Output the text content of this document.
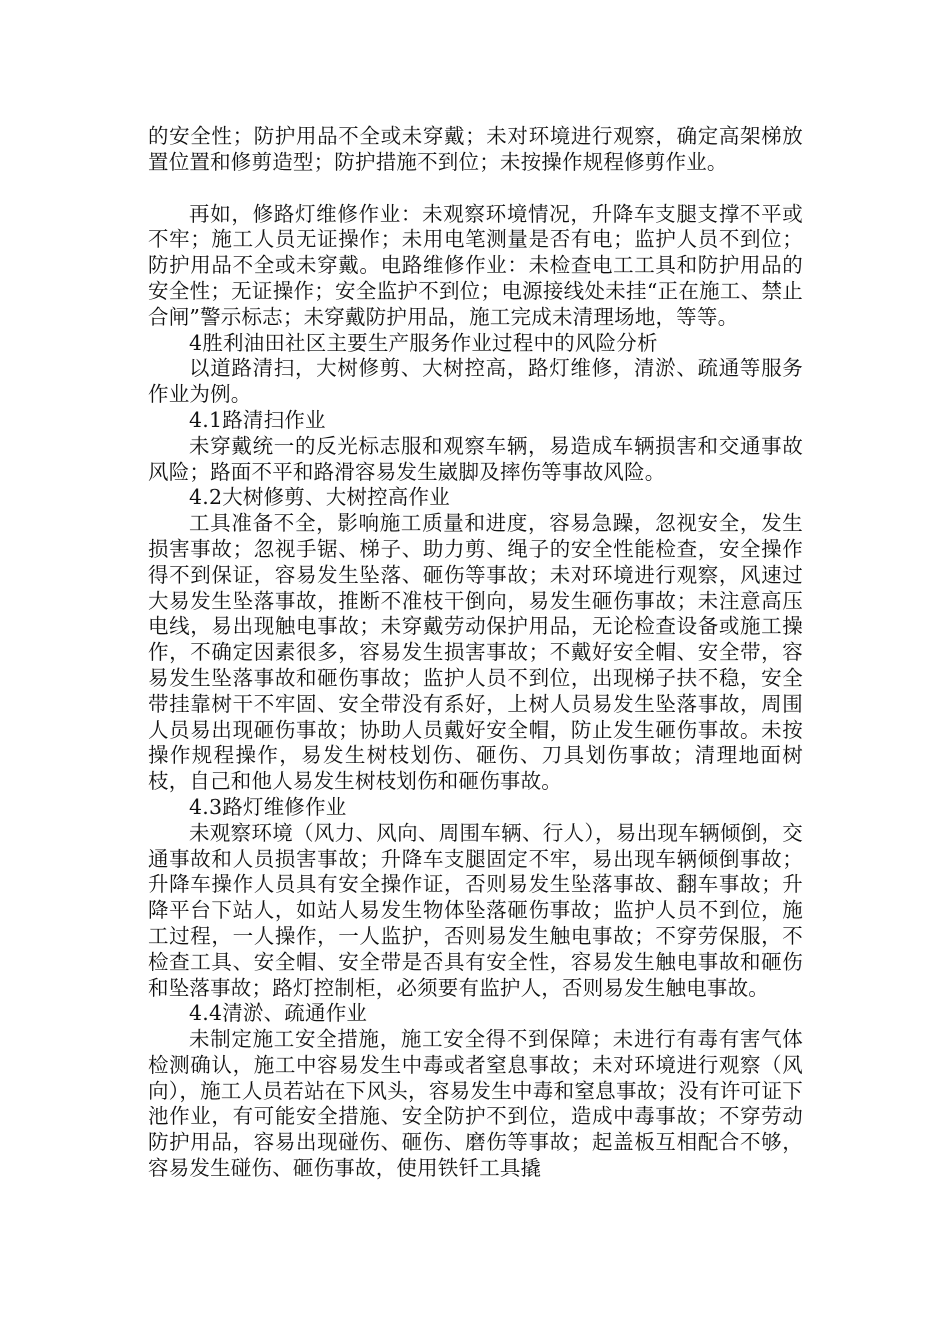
的安全性；防护用品不全或未穿戴；未对环境进行观察，确定高架梯放置位置和修剪造型；防护措施不到位；未按操作规程修剪作业。

再如，修路灯维修作业：未观察环境情况，升降车支腿支撑不平或不牢；施工人员无证操作；未用电笔测量是否有电；监护人员不到位；防护用品不全或未穿戴。电路维修作业：未检查电工工具和防护用品的安全性；无证操作；安全监护不到位；电源接线处未挂“正在施工、禁止合闸”警示标志；未穿戴防护用品，施工完成未清理场地，等等。

4胜利油田社区主要生产服务作业过程中的风险分析

以道路清扫，大树修剪、大树控高，路灯维修，清淤、疏通等服务作业为例。

4.1路清扫作业

未穿戴统一的反光标志服和观察车辆，易造成车辆损害和交通事故风险；路面不平和路滑容易发生崴脚及摔伤等事故风险。

4.2大树修剪、大树控高作业

工具准备不全，影响施工质量和进度，容易急躁，忽视安全，发生损害事故；忽视手锯、梯子、助力剪、绳子的安全性能检查，安全操作得不到保证，容易发生坠落、砸伤等事故；未对环境进行观察，风速过大易发生坠落事故，推断不准枝干倒向，易发生砸伤事故；未注意高压电线，易出现触电事故；未穿戴劳动保护用品，无论检查设备或施工操作，不确定因素很多，容易发生损害事故；不戴好安全帽、安全带，容易发生坠落事故和砸伤事故；监护人员不到位，出现梯子扶不稳，安全带挂靠树干不牢固、安全带没有系好，上树人员易发生坠落事故，周围人员易出现砸伤事故；协助人员戴好安全帽，防止发生砸伤事故。未按操作规程操作，易发生树枝划伤、砸伤、刀具划伤事故；清理地面树枝，自己和他人易发生树枝划伤和砸伤事故。

4.3路灯维修作业

未观察环境（风力、风向、周围车辆、行人），易出现车辆倾倒，交通事故和人员损害事故；升降车支腿固定不牢，易出现车辆倾倒事故；升降车操作人员具有安全操作证，否则易发生坠落事故、翻车事故；升降平台下站人，如站人易发生物体坠落砸伤事故；监护人员不到位，施工过程，一人操作，一人监护，否则易发生触电事故；不穿劳保服，不检查工具、安全帽、安全带是否具有安全性，容易发生触电事故和砸伤和坠落事故；路灯控制柜，必须要有监护人，否则易发生触电事故。

4.4清淤、疏通作业

未制定施工安全措施，施工安全得不到保障；未进行有毒有害气体检测确认，施工中容易发生中毒或者窒息事故；未对环境进行观察（风向），施工人员若站在下风头，容易发生中毒和窒息事故；没有许可证下池作业，有可能安全措施、安全防护不到位，造成中毒事故；不穿劳动防护用品，容易出现碰伤、砸伤、磨伤等事故；起盖板互相配合不够，容易发生碰伤、砸伤事故，使用铁钎工具撬
